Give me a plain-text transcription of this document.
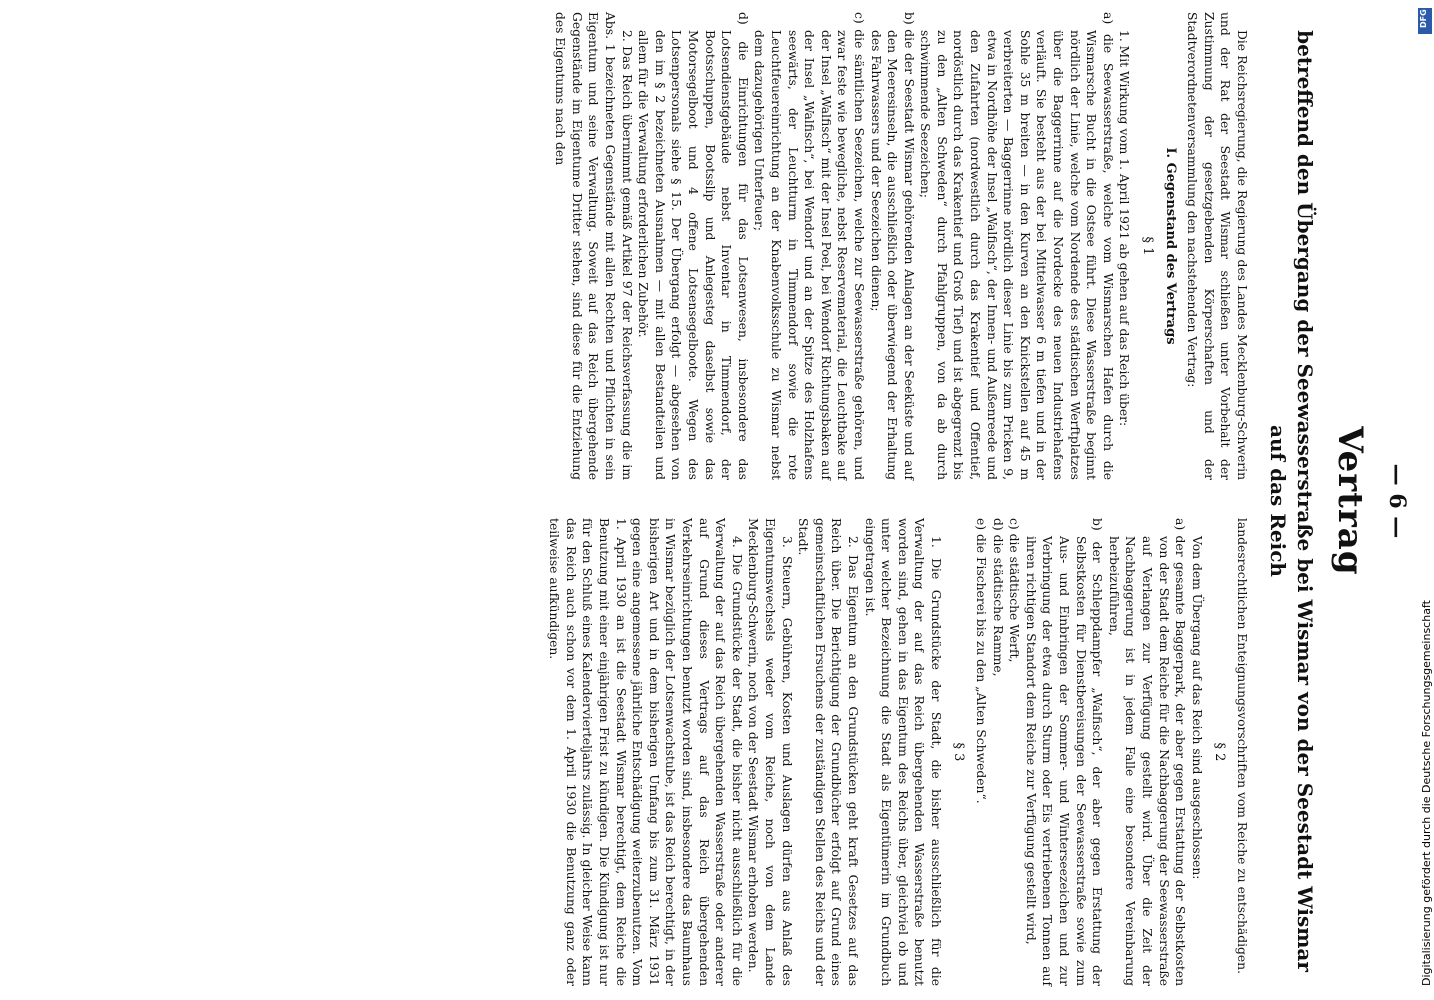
— 6 —
Vertrag
betreffend den Übergang der Seewasserstraße bei Wismar von der Seestadt Wismar auf das Reich

Die Reichsregierung, die Regierung des Landes Mecklenburg-Schwerin und der Rat der Seestadt Wismar schließen unter Vorbehalt der Zustimmung der gesetzgebenden Körperschaften und der Stadtverordnetenversammlung den nachstehenden Vertrag:

I. Gegenstand des Vertrags
§ 1

1. Mit Wirkung vom 1. April 1921 ab gehen auf das Reich über:

a) die Seewasserstraße, welche vom Wismarschen Hafen durch die Wismarsche Bucht in die Ostsee führt. Diese Wasserstraße beginnt nördlich der Linie, welche vom Nordende des städtischen Werftplatzes über die Baggerrinne auf die Nordecke des neuen Industriehafens verläuft. Sie besteht aus der bei Mittelwasser 6 m tiefen und in der Sohle 35 m breiten — in den Kurven an den Knickstellen auf 45 m verbreiterten — Baggerrinne nördlich dieser Linie bis zum Pricken 9, etwa in Nordhöhe der Insel „Walfisch“, der Innen- und Außenreede und den Zufahrten (nordwestlich durch das Krakentief und Offentief, nordöstlich durch das Krakentief und Groß Tief) und ist abgegrenzt bis zu den „Alten Schweden“ durch Pfahlgruppen, von da ab durch schwimmende Seezeichen;

b) die der Seestadt Wismar gehörenden Anlagen an der Seeküste und auf den Meeresinseln, die ausschließlich oder überwiegend der Erhaltung des Fahrwassers und der Seezeichen dienen;

c) die sämtlichen Seezeichen, welche zur Seewasserstraße gehören, und zwar feste wie bewegliche, nebst Reservematerial, die Leuchtbake auf der Insel „Walfisch“ mit der Insel Poel, bei Wendorf Richtungsbaken auf der Insel „Walfisch“, bei Wendorf und an der Spitze des Holzhafens seewärts, der Leuchtturm in Timmendorf sowie die rote Leuchtfeuereinrichtung an der Knabenvolksschule zu Wismar nebst dem dazugehörigen Unterfeuer;

d) die Einrichtungen für das Lotsenwesen, insbesondere das Lotsendienstgebäude nebst Inventar in Timmendorf, der Bootsschuppen, Bootsslip und Anlegesteg daselbst sowie das Motorsegelboot und 4 offene Lotsensegelboote. Wegen des Lotsenpersonals siehe § 15. Der Übergang erfolgt — abgesehen von den im § 2 bezeichneten Ausnahmen — mit allen Bestandteilen und allem für die Verwaltung erforderlichen Zubehör.

2. Das Reich übernimmt gemäß Artikel 97 der Reichsverfassung die im Abs. 1 bezeichneten Gegenstände mit allen Rechten und Pflichten in sein Eigentum und seine Verwaltung. Soweit auf das Reich übergehende Gegenstände im Eigentume Dritter stehen, sind diese für die Entziehung des Eigentums nach den

landesrechtlichen Enteignungsvorschriften vom Reiche zu entschädigen.

§ 2

Von dem Übergang auf das Reich sind ausgeschlossen:

a) der gesamte Baggerpark, der aber gegen Erstattung der Selbstkosten von der Stadt dem Reiche für die Nachbaggerung der Seewasserstraße auf Verlangen zur Verfügung gestellt wird. Über die Zeit der Nachbaggerung ist in jedem Falle eine besondere Vereinbarung herbeizuführen,

b) der Schleppdampfer „Walfisch“, der aber gegen Erstattung der Selbstkosten für Dienstbereisungen der Seewasserstraße sowie zum Aus- und Einbringen der Sommer- und Winterseezeichen und zur Verbringung der etwa durch Sturm oder Eis vertriebenen Tonnen auf ihren richtigen Standort dem Reiche zur Verfügung gestellt wird,

c) die städtische Werft,

d) die städtische Ramme,

e) die Fischerei bis zu den „Alten Schweden“.

§ 3

1. Die Grundstücke der Stadt, die bisher ausschließlich für die Verwaltung der auf das Reich übergehenden Wasserstraße benutzt worden sind, gehen in das Eigentum des Reichs über, gleichviel ob und unter welcher Bezeichnung die Stadt als Eigentümerin im Grundbuch eingetragen ist.

2. Das Eigentum an den Grundstücken geht kraft Gesetzes auf das Reich über. Die Berichtigung der Grundbücher erfolgt auf Grund eines gemeinschaftlichen Ersuchens der zuständigen Stellen des Reichs und der Stadt.

3. Steuern, Gebühren, Kosten und Auslagen dürfen aus Anlaß des Eigentumswechsels weder vom Reiche, noch von dem Lande Mecklenburg-Schwerin, noch von der Seestadt Wismar erhoben werden.

4. Die Grundstücke der Stadt, die bisher nicht ausschließlich für die Verwaltung der auf das Reich übergehenden Wasserstraße oder anderer auf Grund dieses Vertrags auf das Reich übergehenden Verkehrseinrichtungen benutzt worden sind, insbesondere das Baumhaus in Wismar bezüglich der Lotsenwachstube, ist das Reich berechtigt, in der bisherigen Art und in dem bisherigen Umfang bis zum 31. März 1931 gegen eine angemessene jährliche Entschädigung weiterzubenutzen. Vom 1. April 1930 an ist die Seestadt Wismar berechtigt, dem Reiche die Benutzung mit einer einjährigen Frist zu kündigen. Die Kündigung ist nur für den Schluß eines Kalendervierteljahrs zulässig. In gleicher Weise kann das Reich auch schon vor dem 1. April 1930 die Benutzung ganz oder teilweise aufkündigen.

DFG
Digitalisierung gefördert durch die Deutsche Forschungsgemeinschaft
